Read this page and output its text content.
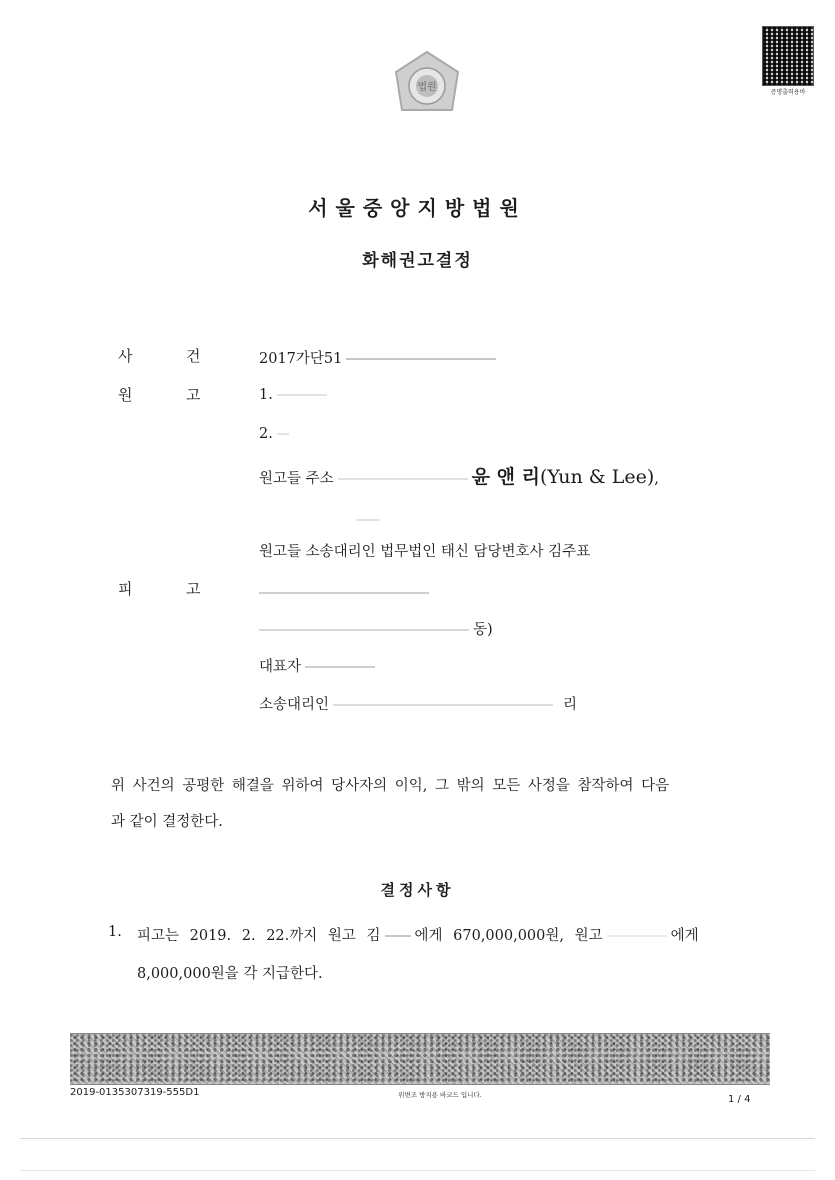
법원	증명출력용바
서울중앙지방법원
화해권고결정
사	건	2017가단51
원	고	1.
2.
원고들 주소	윤 앤 리(Yun & Lee),
원고들 소송대리인 법무법인 태신 담당변호사 김주표
피	고
동)
대표자
소송대리인	리
위 사건의 공평한 해결을 위하여 당사자의 이익, 그 밖의 모든 사정을 참작하여 다음
과 같이 결정한다.
결정사항
1. 피고는 2019. 2. 22.까지 원고 김 에게 670,000,000원, 원고	에게
8,000,000원을 각 지급한다.
2019-0135307319-555D1	위변조 방지용 바코드 입니다.	1 / 4
